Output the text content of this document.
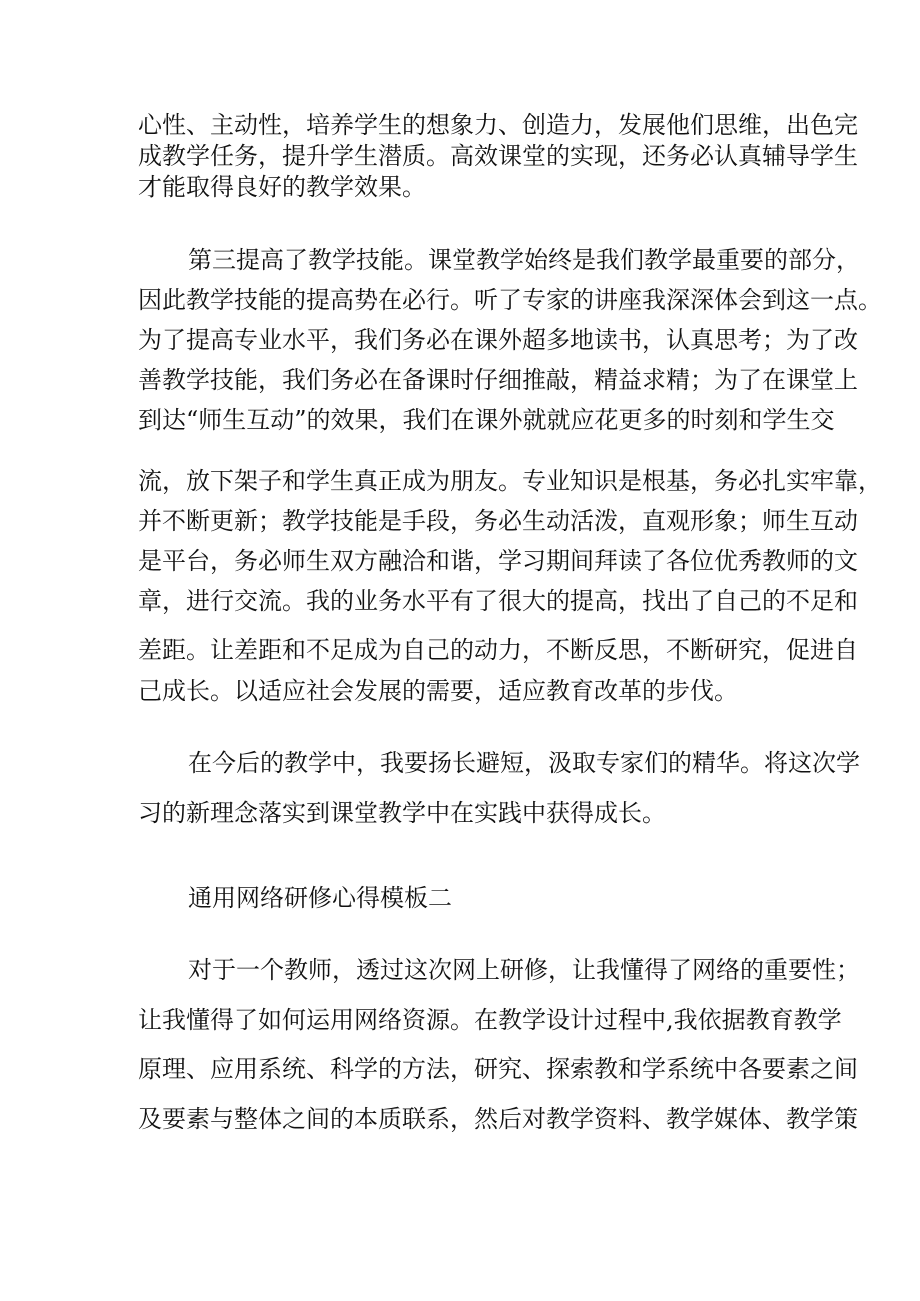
心性、主动性，培养学生的想象力、创造力，发展他们思维，出色完

成教学任务，提升学生潜质。高效课堂的实现，还务必认真辅导学生

才能取得良好的教学效果。

第三提高了教学技能。课堂教学始终是我们教学最重要的部分，

因此教学技能的提高势在必行。听了专家的讲座我深深体会到这一点。

为了提高专业水平，我们务必在课外超多地读书，认真思考；为了改

善教学技能，我们务必在备课时仔细推敲，精益求精；为了在课堂上

到达“师生互动”的效果，我们在课外就就应花更多的时刻和学生交

流，放下架子和学生真正成为朋友。专业知识是根基，务必扎实牢靠，

并不断更新；教学技能是手段，务必生动活泼，直观形象；师生互动

是平台，务必师生双方融洽和谐，学习期间拜读了各位优秀教师的文

章，进行交流。我的业务水平有了很大的提高，找出了自己的不足和

差距。让差距和不足成为自己的动力，不断反思，不断研究，促进自

己成长。以适应社会发展的需要，适应教育改革的步伐。

在今后的教学中，我要扬长避短，汲取专家们的精华。将这次学

习的新理念落实到课堂教学中在实践中获得成长。

通用网络研修心得模板二

对于一个教师，透过这次网上研修，让我懂得了网络的重要性；

让我懂得了如何运用网络资源。在教学设计过程中,我依据教育教学

原理、应用系统、科学的方法，研究、探索教和学系统中各要素之间

及要素与整体之间的本质联系，然后对教学资料、教学媒体、教学策
